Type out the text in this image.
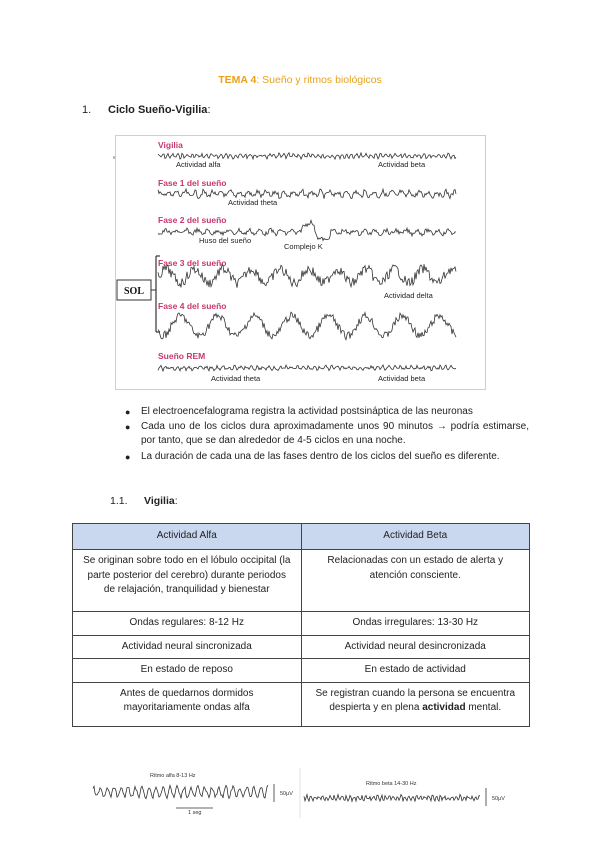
TEMA 4: Sueño y ritmos biológicos
1. Ciclo Sueño-Vigilia:
Vigilia
Fase 1 del sueño
Fase 2 del sueño
Fase 3 del sueño
Fase 4 del sueño
Sueño REM
Actividad alfa	Actividad beta
Actividad theta
Huso del sueño
Complejo K
Actividad delta
Actividad theta	Actividad beta
SOL
● El electroencefalograma registra la actividad postsináptica de las neuronas
● Cada uno de los ciclos dura aproximadamente unos 90 minutos → podría estimarse, por tanto, que se dan alrededor de 4-5 ciclos en una noche.
● La duración de cada una de las fases dentro de los ciclos del sueño es diferente.
1.1. Vigilia:
Actividad Alfa	Actividad Beta
Se originan sobre todo en el lóbulo occipital (la parte posterior del cerebro) durante periodos de relajación, tranquilidad y bienestar	Relacionadas con un estado de alerta y atención consciente.
Ondas regulares: 8-12 Hz	Ondas irregulares: 13-30 Hz
Actividad neural sincronizada	Actividad neural desincronizada
En estado de reposo	En estado de actividad
Antes de quedarnos dormidos mayoritariamente ondas alfa	Se registran cuando la persona se encuentra despierta y en plena actividad mental.
Ritmo alfa 8-13 Hz
50μV
1 seg
Ritmo beta 14-30 Hz
50μV
